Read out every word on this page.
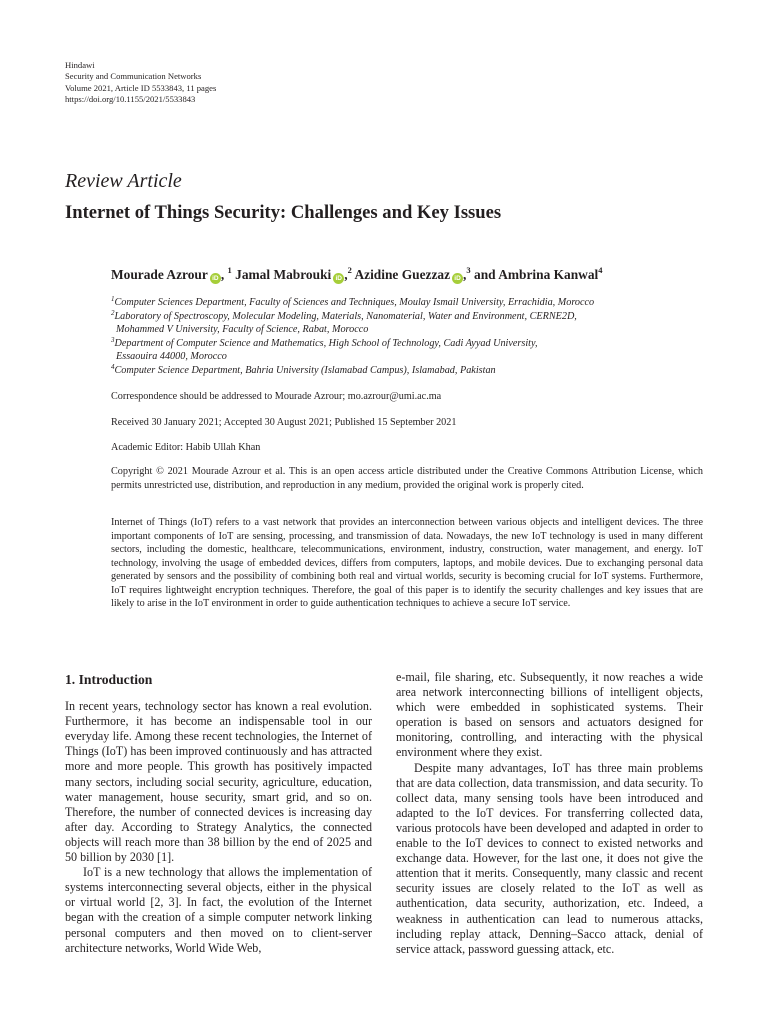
Hindawi
Security and Communication Networks
Volume 2021, Article ID 5533843, 11 pages
https://doi.org/10.1155/2021/5533843
Review Article
Internet of Things Security: Challenges and Key Issues
Mourade Azrour iD , $^1$ Jamal Mabrouki iD ,$^2$ Azidine Guezzaz iD ,$^3$ and Ambrina Kanwal$^4$
$^1$Computer Sciences Department, Faculty of Sciences and Techniques, Moulay Ismail University, Errachidia, Morocco
$^2$Laboratory of Spectroscopy, Molecular Modeling, Materials, Nanomaterial, Water and Environment, CERNE2D,
Mohammed V University, Faculty of Science, Rabat, Morocco
$^3$Department of Computer Science and Mathematics, High School of Technology, Cadi Ayyad University,
Essaouira 44000, Morocco
$^4$Computer Science Department, Bahria University (Islamabad Campus), Islamabad, Pakistan
Correspondence should be addressed to Mourade Azrour; mo.azrour@umi.ac.ma
Received 30 January 2021; Accepted 30 August 2021; Published 15 September 2021
Academic Editor: Habib Ullah Khan
Copyright © 2021 Mourade Azrour et al. This is an open access article distributed under the Creative Commons Attribution License, which permits unrestricted use, distribution, and reproduction in any medium, provided the original work is properly cited.
Internet of Things (IoT) refers to a vast network that provides an interconnection between various objects and intelligent devices. The three important components of IoT are sensing, processing, and transmission of data. Nowadays, the new IoT technology is used in many different sectors, including the domestic, healthcare, telecommunications, environment, industry, construction, water management, and energy. IoT technology, involving the usage of embedded devices, differs from computers, laptops, and mobile devices. Due to exchanging personal data generated by sensors and the possibility of combining both real and virtual worlds, security is becoming crucial for IoT systems. Furthermore, IoT requires lightweight encryption techniques. Therefore, the goal of this paper is to identify the security challenges and key issues that are likely to arise in the IoT environment in order to guide authentication techniques to achieve a secure IoT service.
1. Introduction

In recent years, technology sector has known a real evolution. Furthermore, it has become an indispensable tool in our everyday life. Among these recent technologies, the Internet of Things (IoT) has been improved continuously and has attracted more and more people. This growth has positively impacted many sectors, including social security, agriculture, education, water management, house security, smart grid, and so on. Therefore, the number of connected devices is increasing day after day. According to Strategy Analytics, the connected objects will reach more than 38 billion by the end of 2025 and 50 billion by 2030 [1].

IoT is a new technology that allows the implementation of systems interconnecting several objects, either in the physical or virtual world [2, 3]. In fact, the evolution of the Internet began with the creation of a simple computer network linking personal computers and then moved on to client-server architecture networks, World Wide Web,

e-mail, file sharing, etc. Subsequently, it now reaches a wide area network interconnecting billions of intelligent objects, which were embedded in sophisticated systems. Their operation is based on sensors and actuators designed for monitoring, controlling, and interacting with the physical environment where they exist.

Despite many advantages, IoT has three main problems that are data collection, data transmission, and data security. To collect data, many sensing tools have been introduced and adapted to the IoT devices. For transferring collected data, various protocols have been developed and adapted in order to enable to the IoT devices to connect to existed networks and exchange data. However, for the last one, it does not give the attention that it merits. Consequently, many classic and recent security issues are closely related to the IoT as well as authentication, data security, authorization, etc. Indeed, a weakness in authentication can lead to numerous attacks, including replay attack, Denning–Sacco attack, denial of service attack, password guessing attack, etc.
